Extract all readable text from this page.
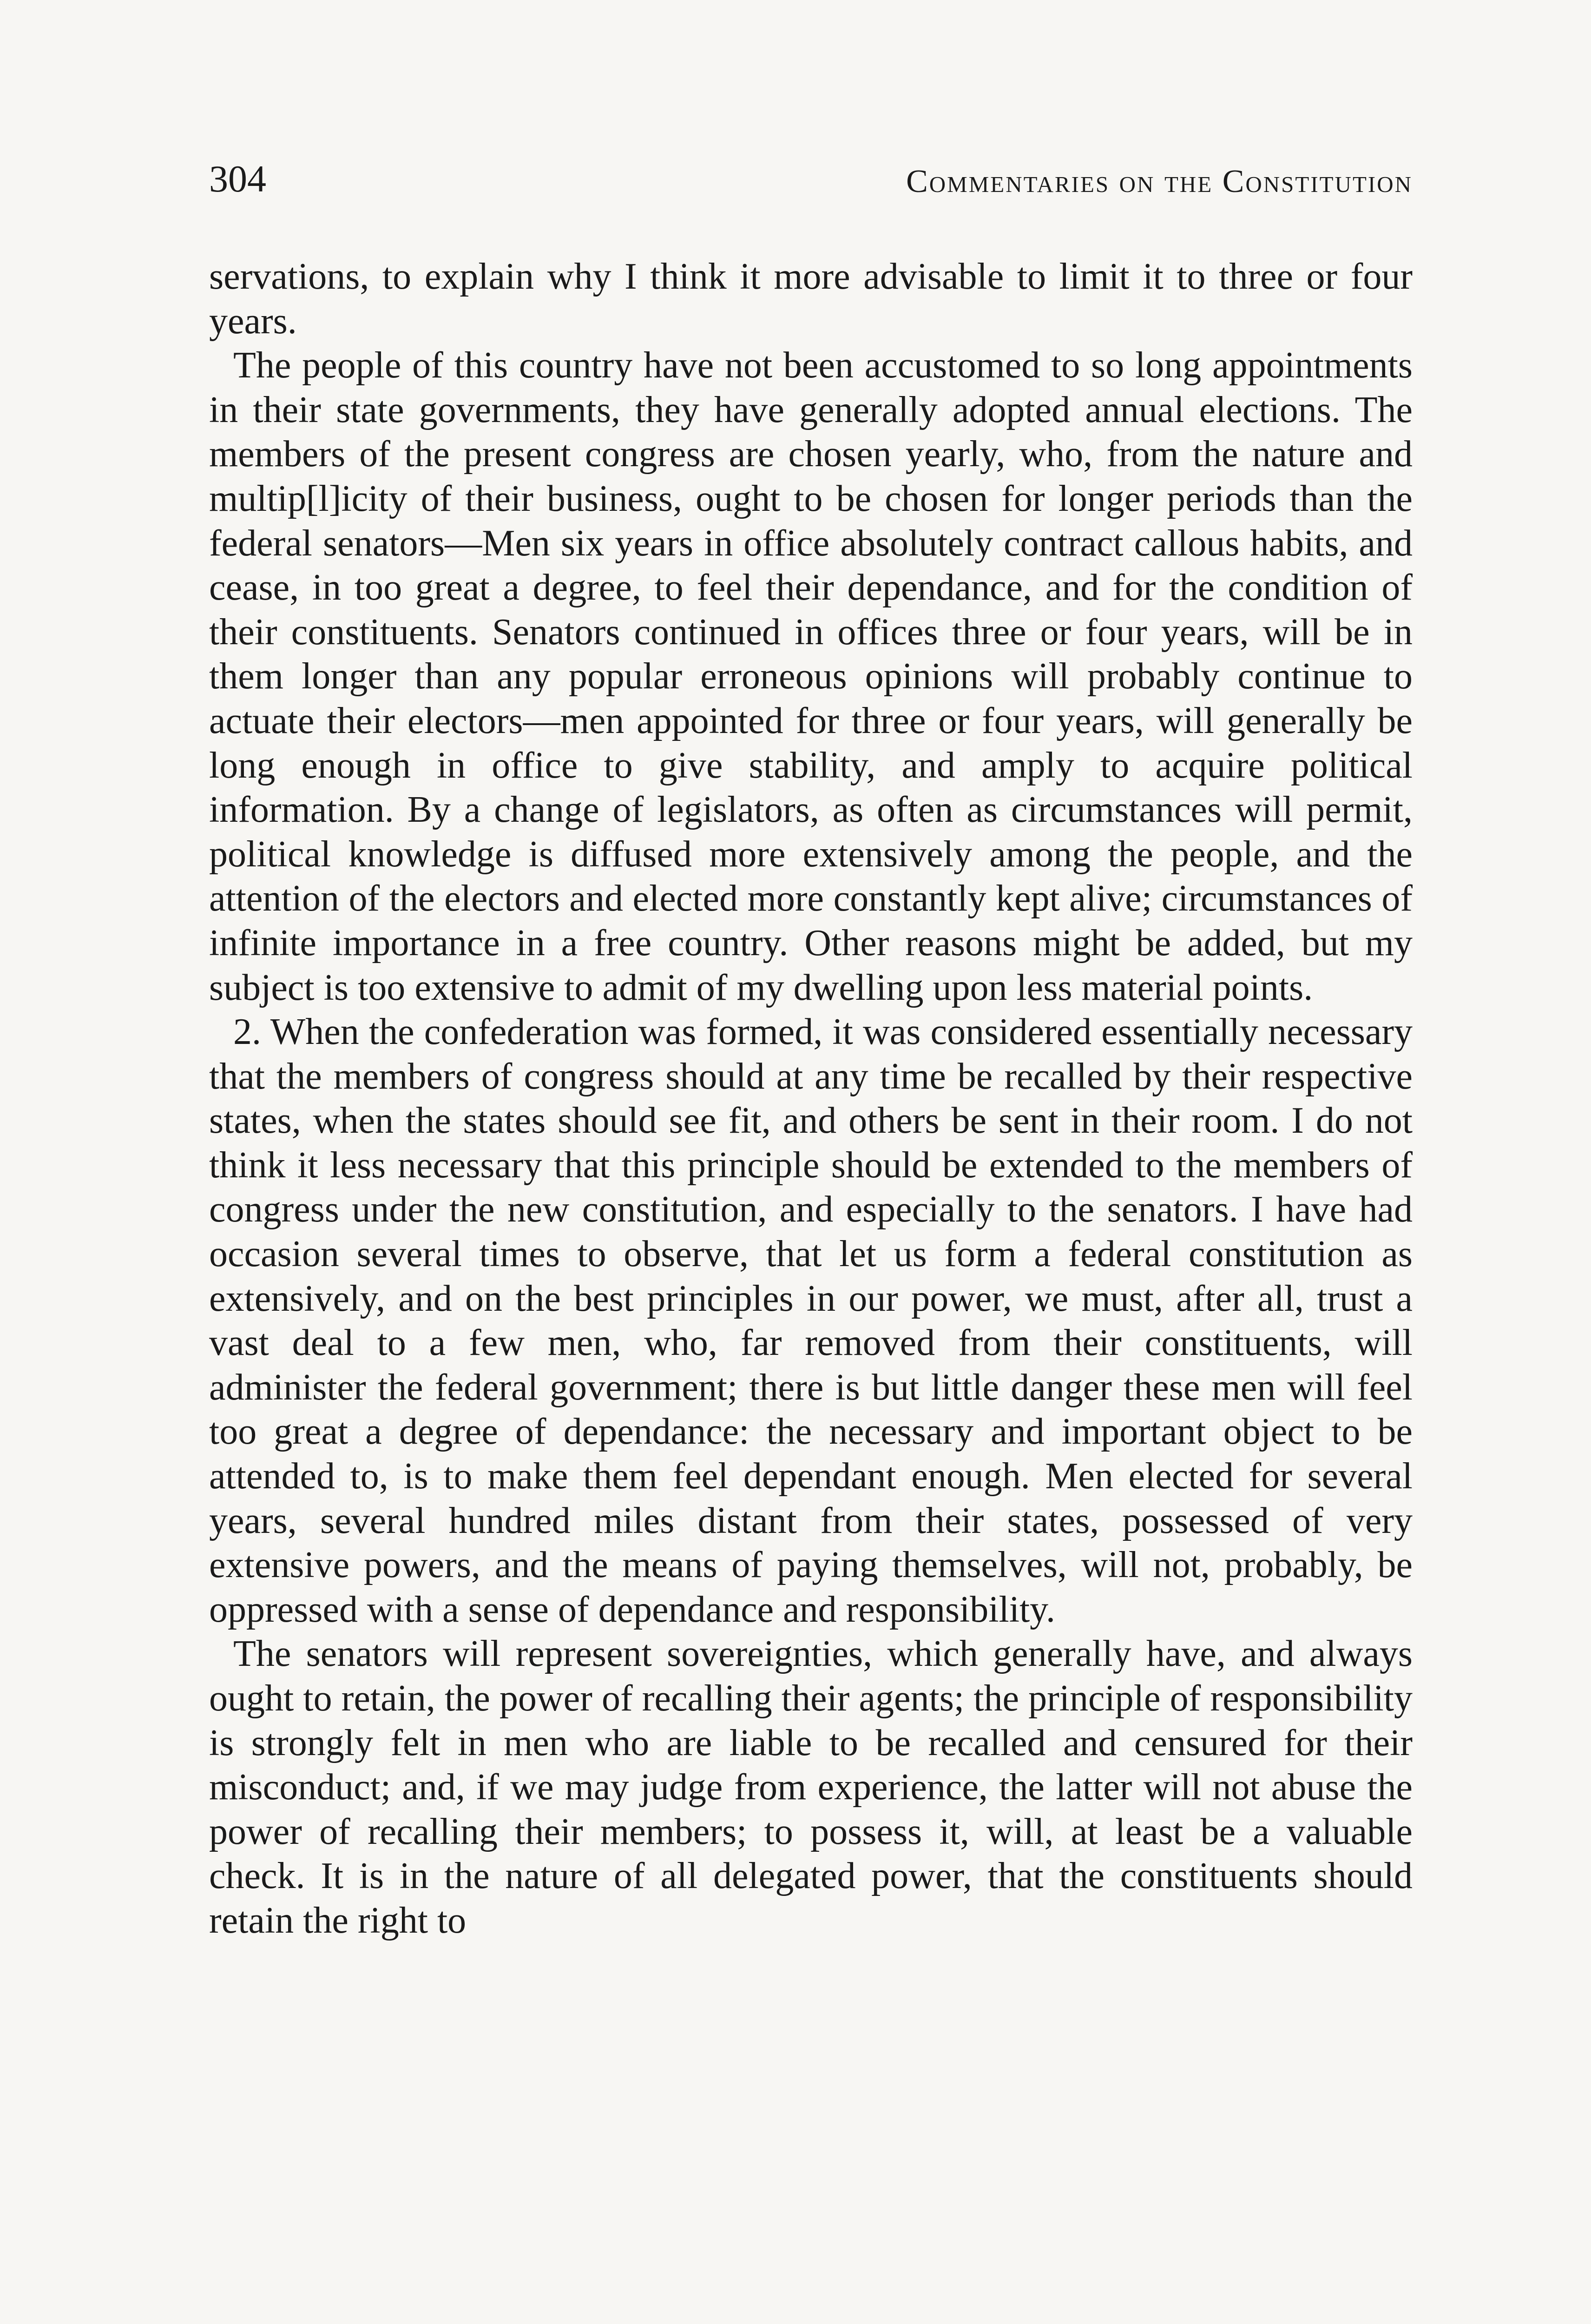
304	Commentaries on the Constitution

servations, to explain why I think it more advisable to limit it to three or four years.

The people of this country have not been accustomed to so long appointments in their state governments, they have generally adopted annual elections. The members of the present congress are chosen yearly, who, from the nature and multip[l]icity of their business, ought to be chosen for longer periods than the federal senators—Men six years in office absolutely contract callous habits, and cease, in too great a degree, to feel their dependance, and for the condition of their constituents. Senators continued in offices three or four years, will be in them longer than any popular erroneous opinions will probably continue to actuate their electors—men appointed for three or four years, will generally be long enough in office to give stability, and amply to acquire political information. By a change of legislators, as often as circumstances will permit, political knowledge is diffused more extensively among the people, and the attention of the electors and elected more constantly kept alive; circumstances of infinite importance in a free country. Other reasons might be added, but my subject is too extensive to admit of my dwelling upon less material points.

2. When the confederation was formed, it was considered essentially necessary that the members of congress should at any time be recalled by their respective states, when the states should see fit, and others be sent in their room. I do not think it less necessary that this principle should be extended to the members of congress under the new constitution, and especially to the senators. I have had occasion several times to observe, that let us form a federal constitution as extensively, and on the best principles in our power, we must, after all, trust a vast deal to a few men, who, far removed from their constituents, will administer the federal government; there is but little danger these men will feel too great a degree of dependance: the necessary and important object to be attended to, is to make them feel dependant enough. Men elected for several years, several hundred miles distant from their states, possessed of very extensive powers, and the means of paying themselves, will not, probably, be oppressed with a sense of dependance and responsibility.

The senators will represent sovereignties, which generally have, and always ought to retain, the power of recalling their agents; the principle of responsibility is strongly felt in men who are liable to be recalled and censured for their misconduct; and, if we may judge from experience, the latter will not abuse the power of recalling their members; to possess it, will, at least be a valuable check. It is in the nature of all delegated power, that the constituents should retain the right to
